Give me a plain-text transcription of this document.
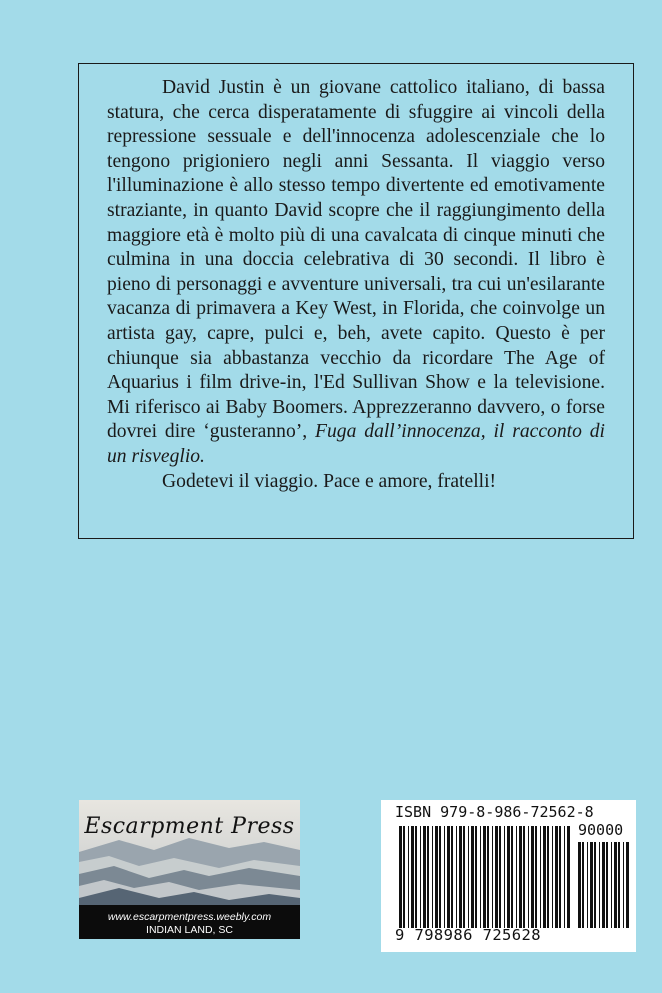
David Justin è un giovane cattolico italiano, di bassa statura, che cerca disperatamente di sfuggire ai vincoli della repressione sessuale e dell'innocenza adolescenziale che lo tengono prigioniero negli anni Sessanta. Il viaggio verso l'illuminazione è allo stesso tempo divertente ed emotivamente straziante, in quanto David scopre che il raggiungimento della maggiore età è molto più di una cavalcata di cinque minuti che culmina in una doccia celebrativa di 30 secondi. Il libro è pieno di personaggi e avventure universali, tra cui un'esilarante vacanza di primavera a Key West, in Florida, che coinvolge un artista gay, capre, pulci e, beh, avete capito. Questo è per chiunque sia abbastanza vecchio da ricordare The Age of Aquarius i film drive-in, l'Ed Sullivan Show e la televisione. Mi riferisco ai Baby Boomers. Apprezzeranno davvero, o forse dovrei dire ‘gusteranno’, Fuga dall’innocenza, il racconto di un risveglio.

Godetevi il viaggio. Pace e amore, fratelli!

Escarpment Press
www.escarpmentpress.weebly.com
INDIAN LAND, SC
ISBN 979-8-986-72562-8
90000
9 798986 725628
